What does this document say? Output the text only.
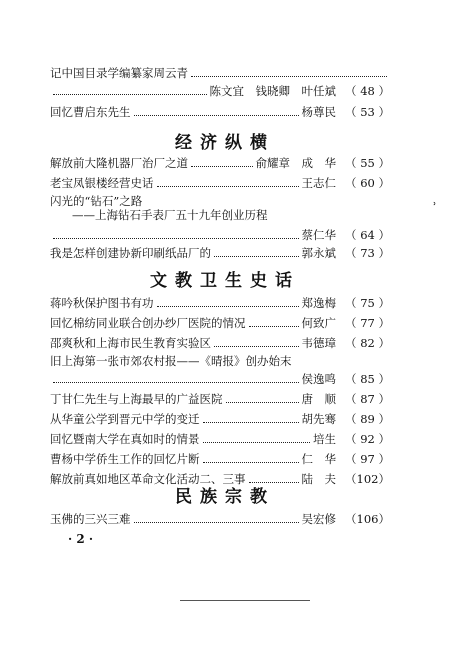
记中国目录学编纂家周云青
陈文宜　钱晓卿　叶任斌 （ 48 ）
回忆曹启东先生	杨尊民 （ 53 ）
经济纵横
解放前大隆机器厂治厂之道	俞耀章　成　华 （ 55 ）
老宝凤银楼经营史话	王志仁 （ 60 ）
闪光的“钻石”之路
——上海钻石手表厂五十九年创业历程
蔡仁华 （ 64 ）
我是怎样创建协新印刷纸品厂的	郭永斌 （ 73 ）
文教卫生史话
蒋吟秋保护图书有功	郑逸梅 （ 75 ）
回忆棉纺同业联合创办纱厂医院的情况	何致广 （ 77 ）
邵爽秋和上海市民生教育实验区	韦德璋 （ 82 ）
旧上海第一张市郊农村报——《晴报》创办始末
侯逸鸣 （ 85 ）
丁甘仁先生与上海最早的广益医院	唐　顺 （ 87 ）
从华童公学到晋元中学的变迁	胡先骞 （ 89 ）
回忆暨南大学在真如时的情景	培生 （ 92 ）
曹杨中学侨生工作的回忆片断	仁　华 （ 97 ）
解放前真如地区革命文化活动二、三事	陆　夫 （102）
民族宗教
玉佛的三兴三难	吴宏修 （106）
· 2 ·
ʾ
